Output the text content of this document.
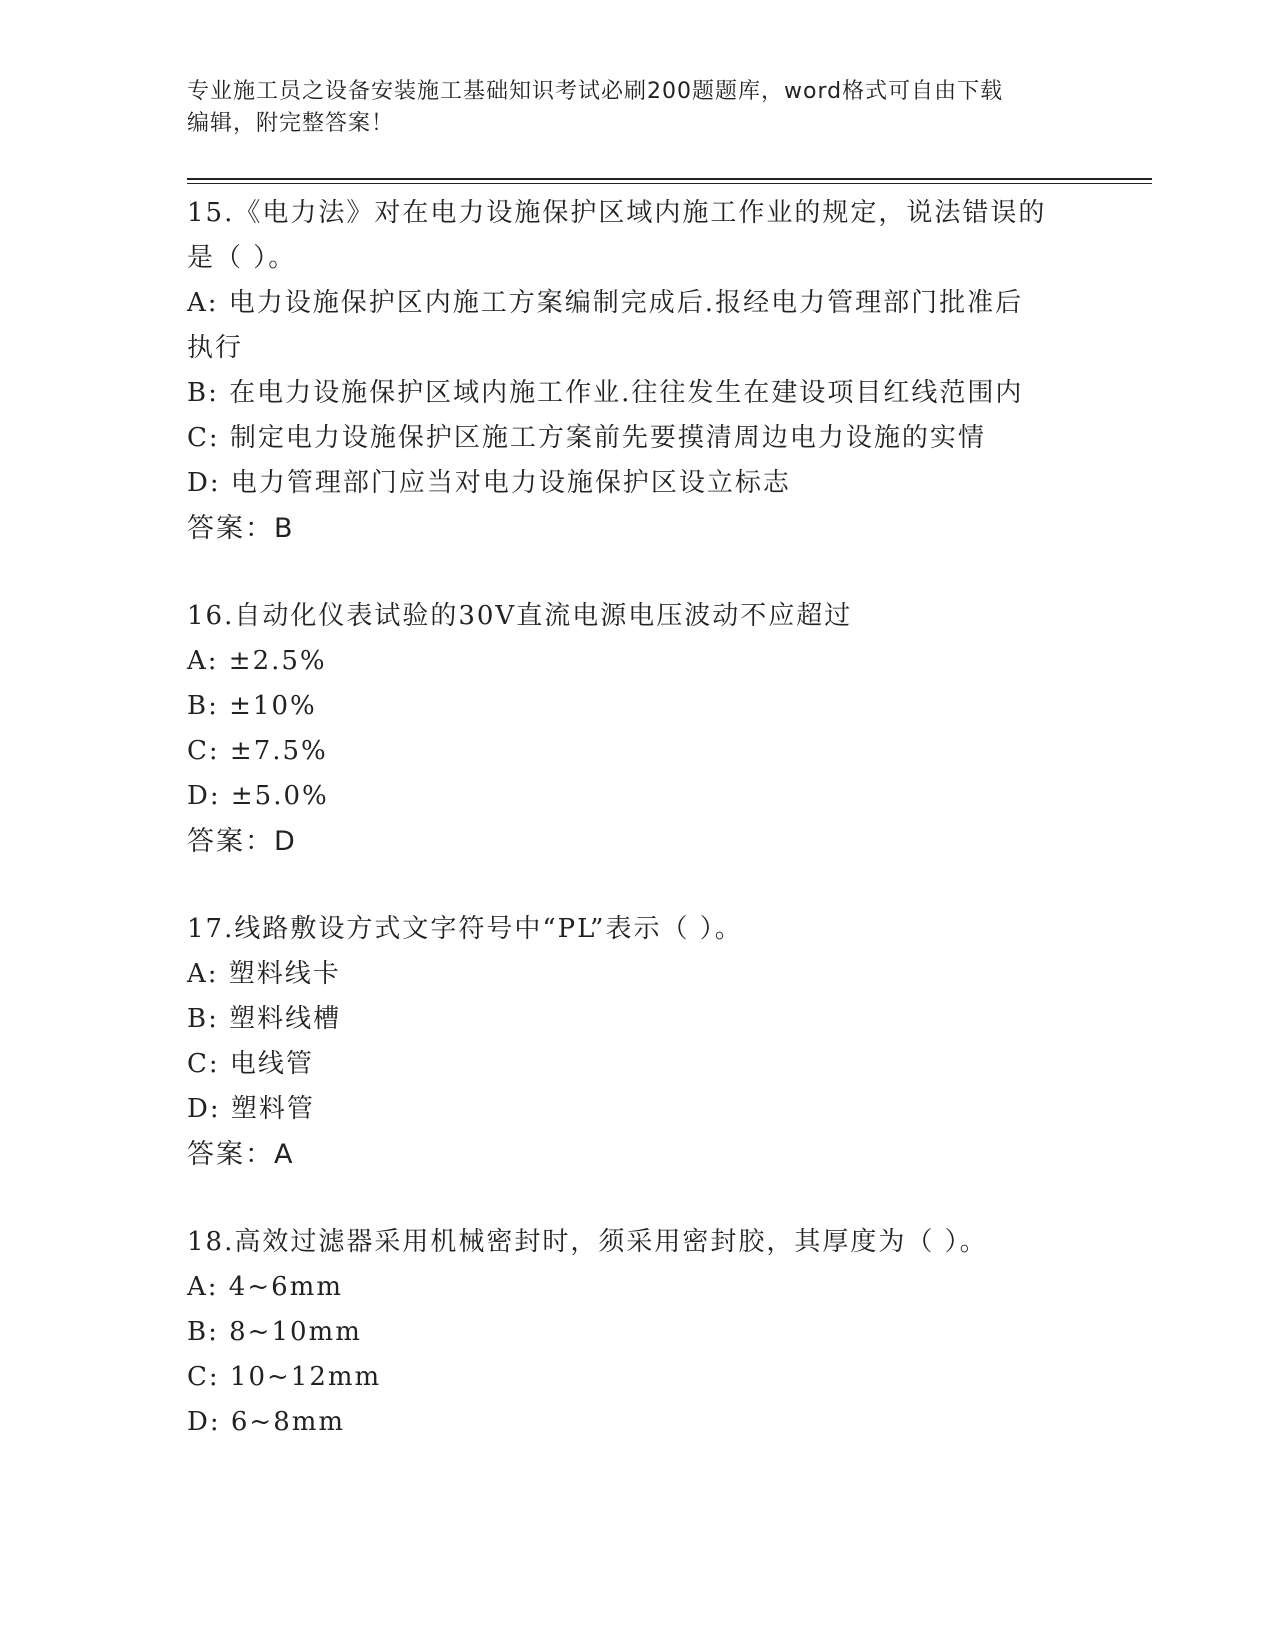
专业施工员之设备安装施工基础知识考试必刷200题题库，word格式可自由下载
编辑，附完整答案！
15.《电力法》对在电力设施保护区域内施工作业的规定，说法错误的
是（ ）。
A: 电力设施保护区内施工方案编制完成后.报经电力管理部门批准后
执行
B: 在电力设施保护区域内施工作业.往往发生在建设项目红线范围内
C: 制定电力设施保护区施工方案前先要摸清周边电力设施的实情
D: 电力管理部门应当对电力设施保护区设立标志
答案：B
16.自动化仪表试验的30V直流电源电压波动不应超过
A: ±2.5%
B: ±10%
C: ±7.5%
D: ±5.0%
答案：D
17.线路敷设方式文字符号中“PL”表示（ ）。
A: 塑料线卡
B: 塑料线槽
C: 电线管
D: 塑料管
答案：A
18.高效过滤器采用机械密封时，须采用密封胶，其厚度为（ ）。
A: 4~6mm
B: 8~10mm
C: 10~12mm
D: 6~8mm
